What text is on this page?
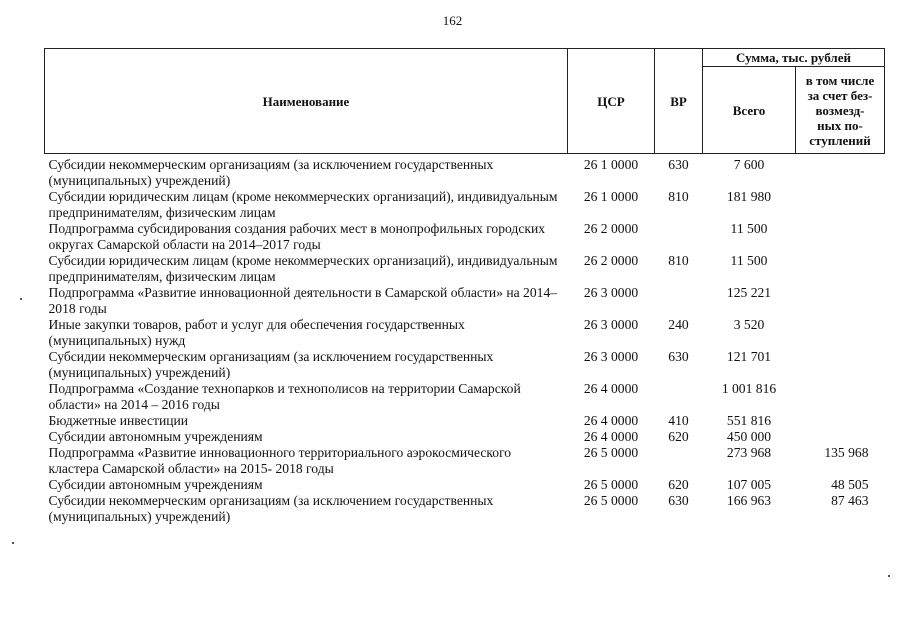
162
Наименование	ЦСР	ВР	Сумма, тыс. рублей	
			Всего	в том числе
за счет без-
возмезд-
ных по-
ступлений
Субсидии некоммерческим организациям (за исключением государственных (муниципальных) учреждений)	26 1 0000	630	7 600	
Субсидии юридическим лицам (кроме некоммерческих организаций), индивидуальным предпринимателям, физическим лицам	26 1 0000	810	181 980	
Подпрограмма субсидирования создания рабочих мест в монопрофильных городских округах Самарской области на 2014–2017 годы	26 2 0000		11 500	
Субсидии юридическим лицам (кроме некоммерческих организаций), индивидуальным предпринимателям, физическим лицам	26 2 0000	810	11 500	
Подпрограмма «Развитие инновационной деятельности в Самарской области» на 2014–2018 годы	26 3 0000		125 221	
Иные закупки товаров, работ и услуг для обеспечения государственных (муниципальных) нужд	26 3 0000	240	3 520	
Субсидии некоммерческим организациям (за исключением государственных (муниципальных) учреждений)	26 3 0000	630	121 701	
Подпрограмма «Создание технопарков и технополисов на территории Самарской области» на 2014 – 2016 годы	26 4 0000		1 001 816	
Бюджетные инвестиции	26 4 0000	410	551 816	
Субсидии автономным учреждениям	26 4 0000	620	450 000	
Подпрограмма «Развитие инновационного территориального аэрокосмического кластера Самарской области» на 2015- 2018 годы	26 5 0000		273 968	135 968
Субсидии автономным учреждениям	26 5 0000	620	107 005	48 505
Субсидии некоммерческим организациям (за исключением государственных (муниципальных) учреждений)	26 5 0000	630	166 963	87 463
